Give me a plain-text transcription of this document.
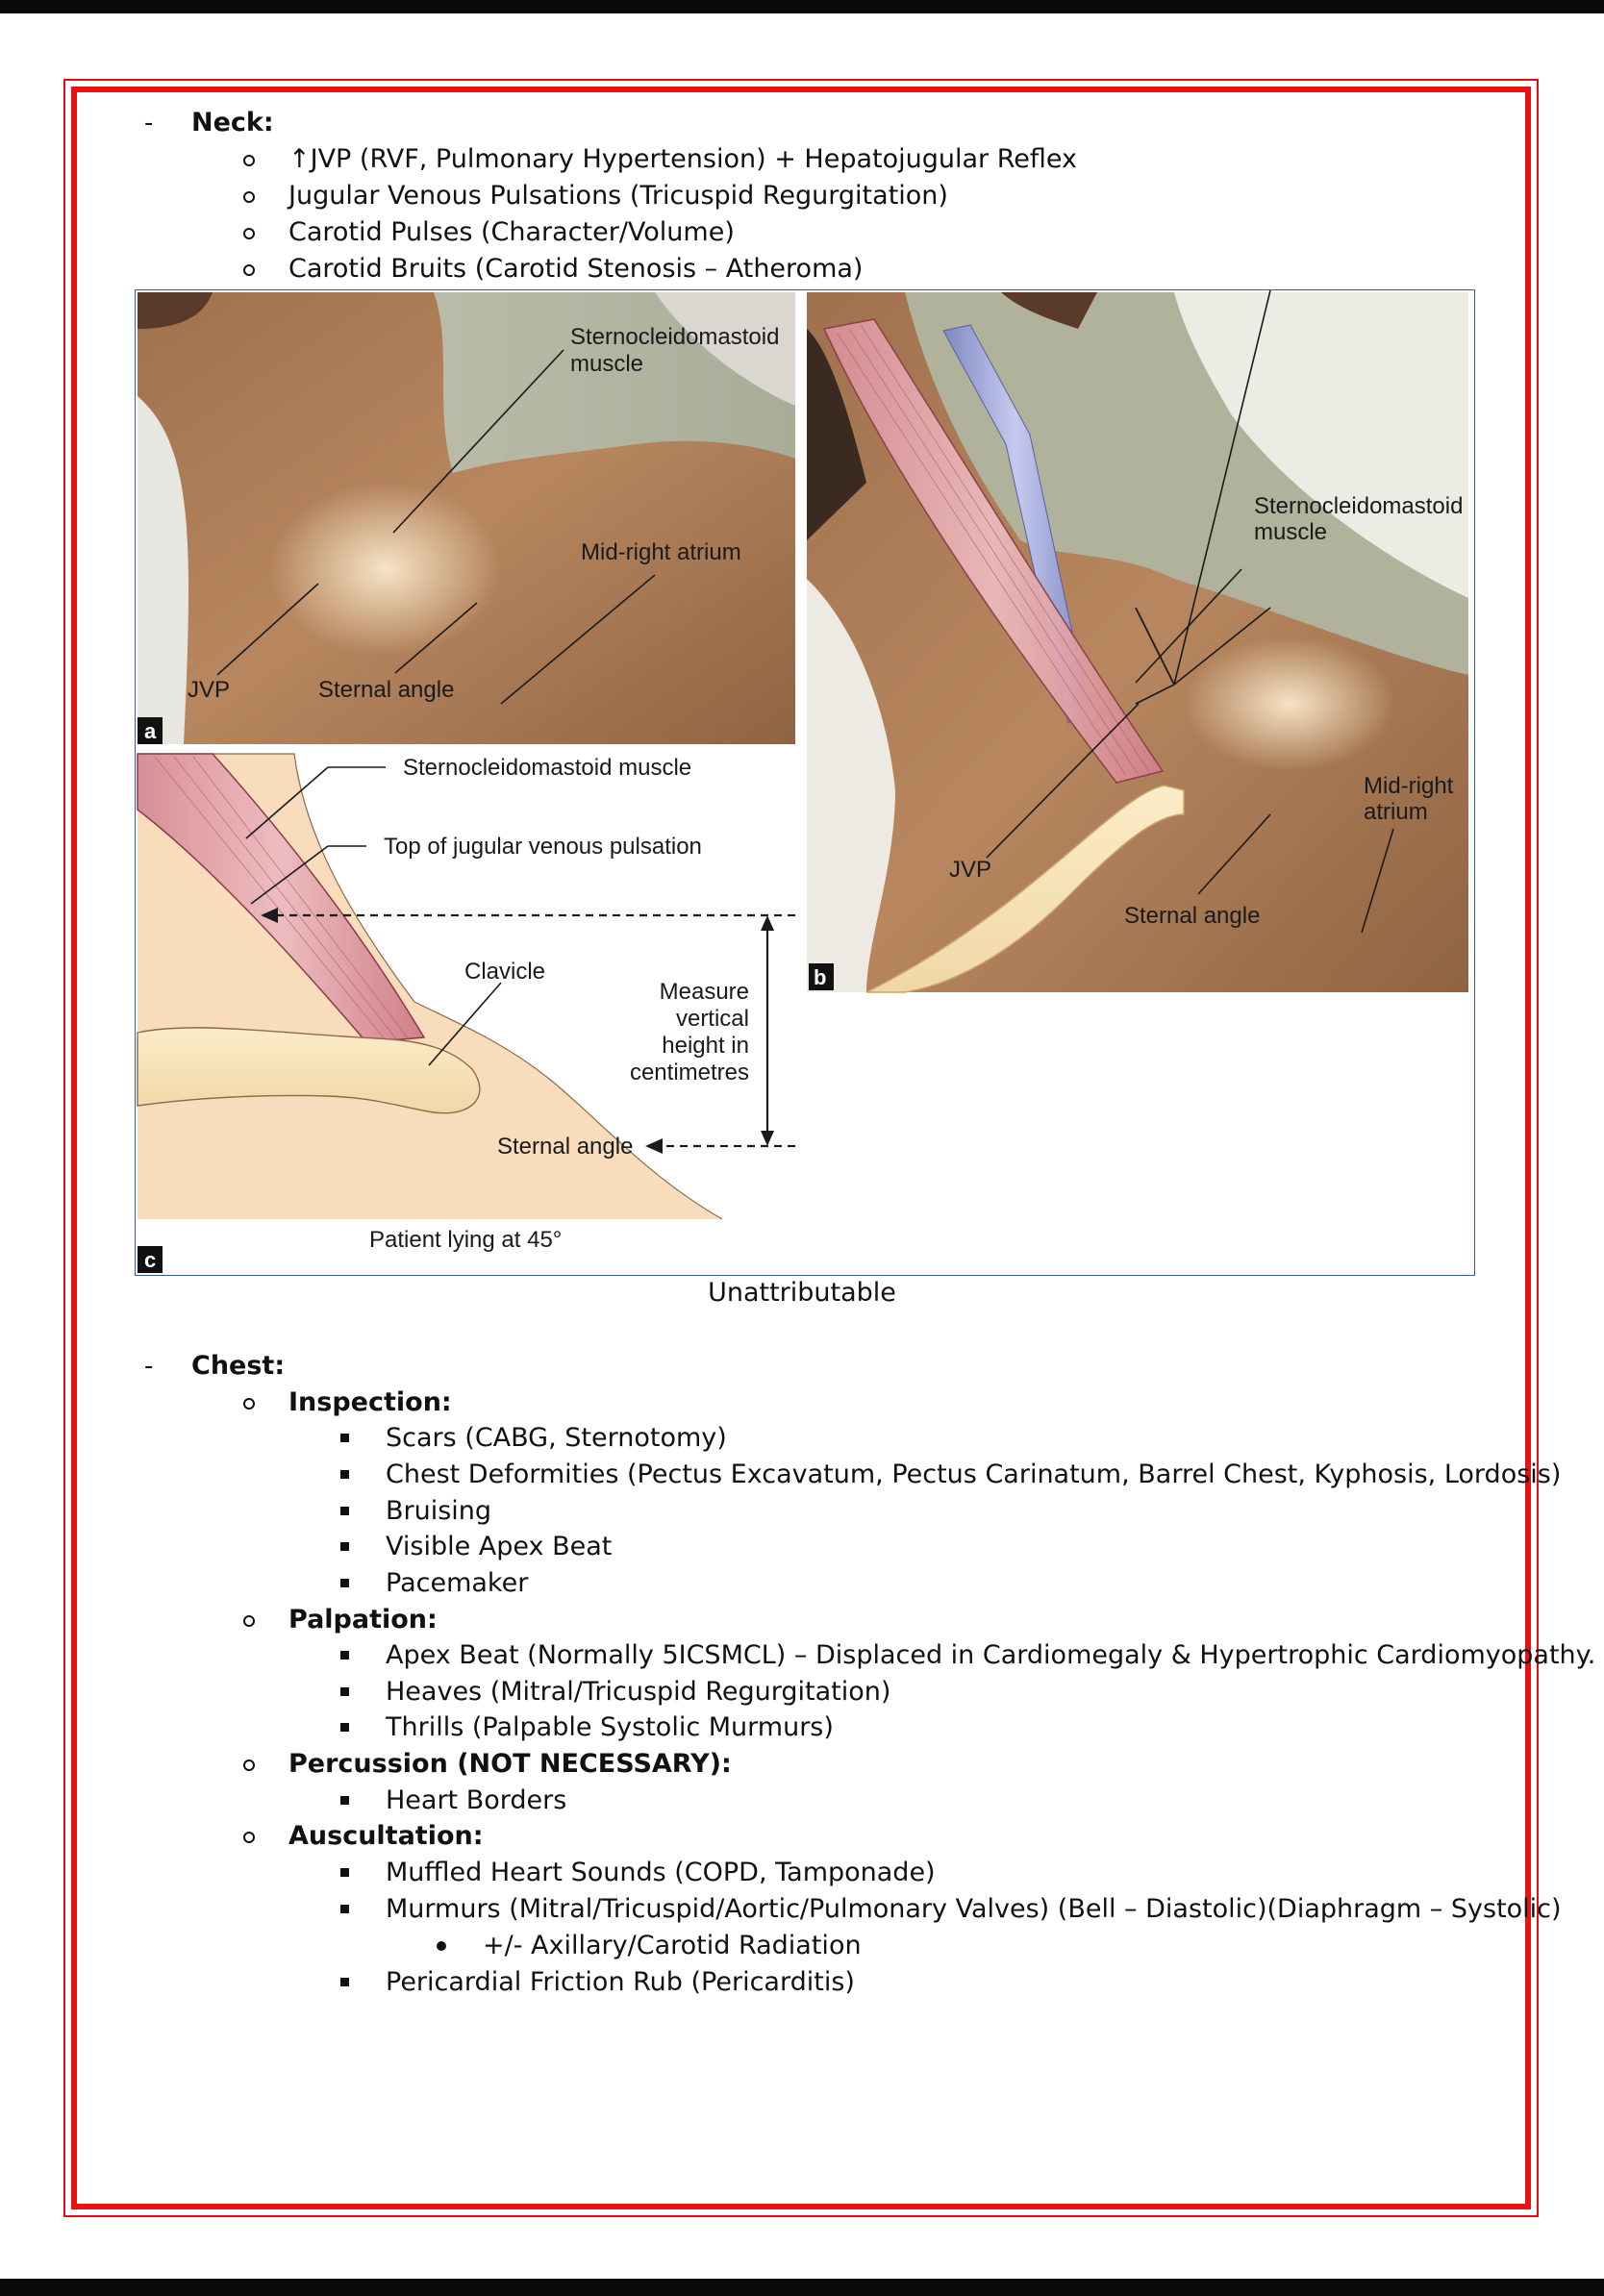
- Neck:
↑JVP (RVF, Pulmonary Hypertension) + Hepatojugular Reflex
Jugular Venous Pulsations (Tricuspid Regurgitation)
Carotid Pulses (Character/Volume)
Carotid Bruits (Carotid Stenosis – Atheroma)
Sternocleidomastoid
muscle
Mid-right atrium
JVP	Sternal angle
a
Sternocleidomastoid
muscle
Mid-right
atrium
JVP
Sternal angle
b
Sternocleidomastoid muscle
Top of jugular venous pulsation
Clavicle
Measure
vertical
height in
centimetres
Sternal angle
Patient lying at 45°
c
Unattributable
- Chest:
Inspection:
Scars (CABG, Sternotomy)
Chest Deformities (Pectus Excavatum, Pectus Carinatum, Barrel Chest, Kyphosis, Lordosis)
Bruising
Visible Apex Beat
Pacemaker
Palpation:
Apex Beat (Normally 5ICSMCL) – Displaced in Cardiomegaly & Hypertrophic Cardiomyopathy.
Heaves (Mitral/Tricuspid Regurgitation)
Thrills (Palpable Systolic Murmurs)
Percussion (NOT NECESSARY):
Heart Borders
Auscultation:
Muffled Heart Sounds (COPD, Tamponade)
Murmurs (Mitral/Tricuspid/Aortic/Pulmonary Valves) (Bell – Diastolic)(Diaphragm – Systolic)
+/- Axillary/Carotid Radiation
Pericardial Friction Rub (Pericarditis)
